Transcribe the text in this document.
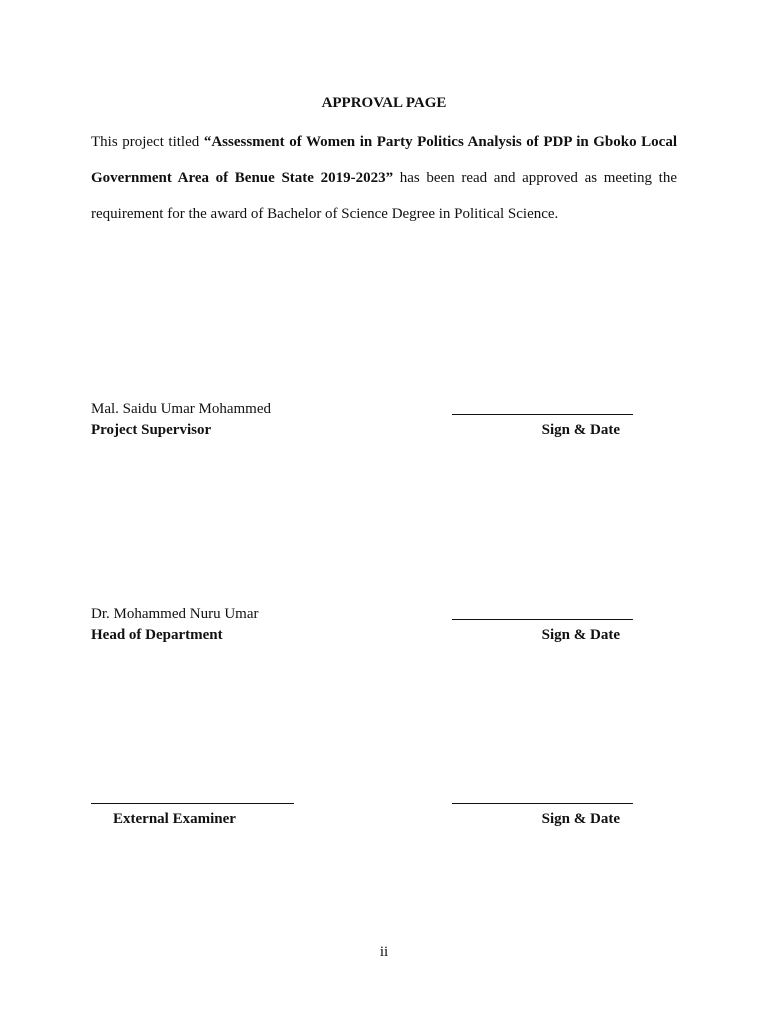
APPROVAL PAGE
This project titled “Assessment of Women in Party Politics Analysis of PDP in Gboko Local Government Area of Benue State 2019-2023” has been read and approved as meeting the requirement for the award of Bachelor of Science Degree in Political Science.
Mal. Saidu Umar Mohammed
Project Supervisor	Sign & Date
Dr. Mohammed Nuru Umar
Head of Department	Sign & Date
External Examiner	Sign & Date
ii
